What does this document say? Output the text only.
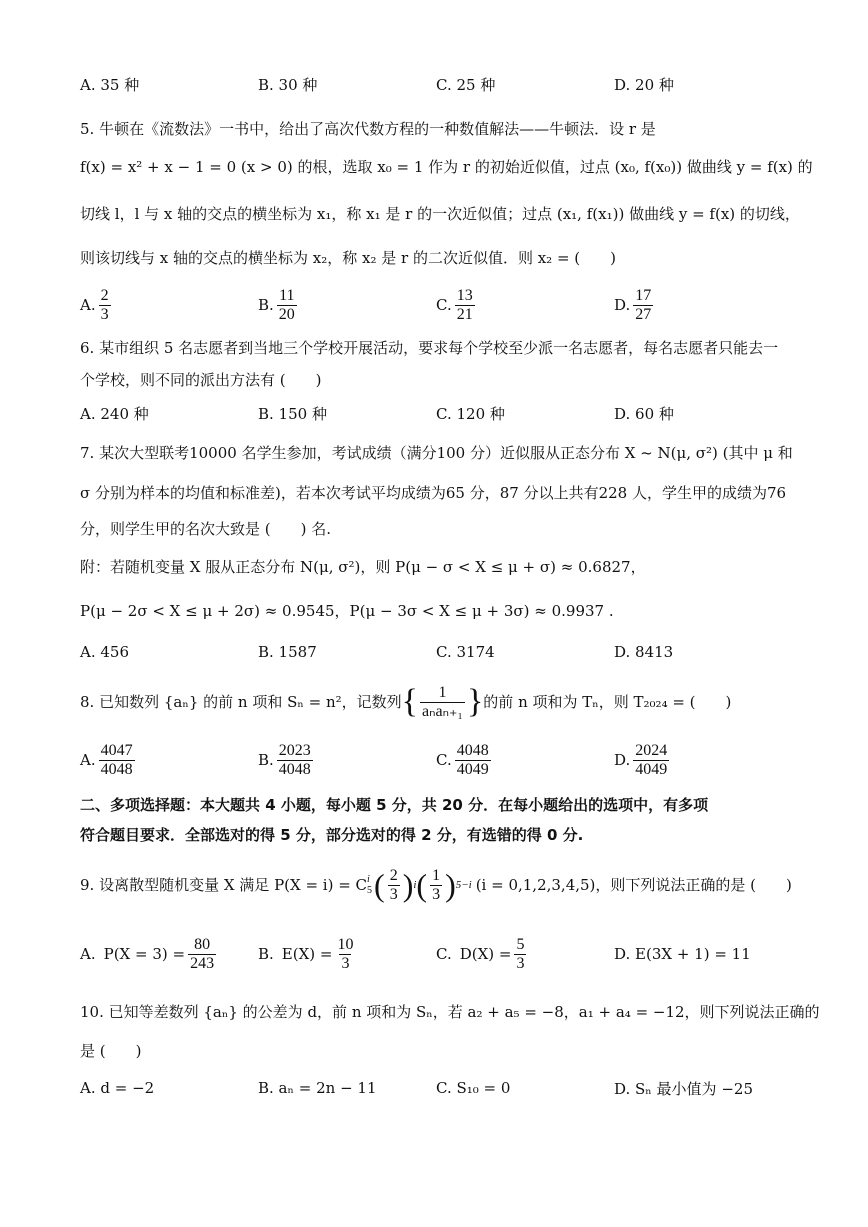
A. 35 种	B. 30 种	C. 25 种	D. 20 种
5. 牛顿在《流数法》一书中，给出了高次代数方程的一种数值解法——牛顿法．设 r 是
f(x) = x² + x − 1 = 0 (x > 0) 的根，选取 x₀ = 1 作为 r 的初始近似值，过点 (x₀, f(x₀)) 做曲线 y = f(x) 的
切线 l，l 与 x 轴的交点的横坐标为 x₁，称 x₁ 是 r 的一次近似值；过点 (x₁, f(x₁)) 做曲线 y = f(x) 的切线，
则该切线与 x 轴的交点的横坐标为 x₂，称 x₂ 是 r 的二次近似值．则 x₂ = (　　)
A. $\frac{2}{3}$	B. $\frac{11}{20}$	C. $\frac{13}{21}$	D. $\frac{17}{27}$
6. 某市组织 5 名志愿者到当地三个学校开展活动，要求每个学校至少派一名志愿者，每名志愿者只能去一
个学校，则不同的派出方法有 (　　)
A. 240 种	B. 150 种	C. 120 种	D. 60 种
7. 某次大型联考10000 名学生参加，考试成绩（满分100 分）近似服从正态分布 X ~ N(μ, σ²) (其中 μ 和
σ 分别为样本的均值和标准差)，若本次考试平均成绩为65 分，87 分以上共有228 人，学生甲的成绩为76
分，则学生甲的名次大致是 (　　) 名.
附：若随机变量 X 服从正态分布 N(μ, σ²)，则 P(μ − σ < X ≤ μ + σ) ≈ 0.6827，
P(μ − 2σ < X ≤ μ + 2σ) ≈ 0.9545，P(μ − 3σ < X ≤ μ + 3σ) ≈ 0.9937 .
A. 456	B. 1587	C. 3174	D. 8413
8. 已知数列 {aₙ} 的前 n 项和 Sₙ = n²，记数列 { $\frac{1}{\text{aₙaₙ₊₁}}$ } 的前 n 项和为 Tₙ，则 T₂₀₂₄ = (　　)
A. $\frac{4047}{4048}$	B. $\frac{2023}{4048}$	C. $\frac{4048}{4049}$	D. $\frac{2024}{4049}$
二、多项选择题：本大题共 4 小题，每小题 5 分，共 20 分．在每小题给出的选项中，有多项
符合题目要求．全部选对的得 5 分，部分选对的得 2 分，有选错的得 0 分.
9. 设离散型随机变量 X 满足 P(X = i) = C i
5 ( $\frac{2}{3}$ ) i ( $\frac{1}{3}$ ) 5−i (i = 0,1,2,3,4,5)，则下列说法正确的是 (　　)
A. $P(X = 3) = \frac{80}{243}$	B. $E(X) = \frac{10}{3}$	C. $D(X) = \frac{5}{3}$	D. E(3X + 1) = 11
10. 已知等差数列 {aₙ} 的公差为 d，前 n 项和为 Sₙ，若 a₂ + a₅ = −8，a₁ + a₄ = −12，则下列说法正确的
是 (　　)
A. d = −2	B. aₙ = 2n − 11	C. S₁₀ = 0	D. Sₙ 最小值为 −25
